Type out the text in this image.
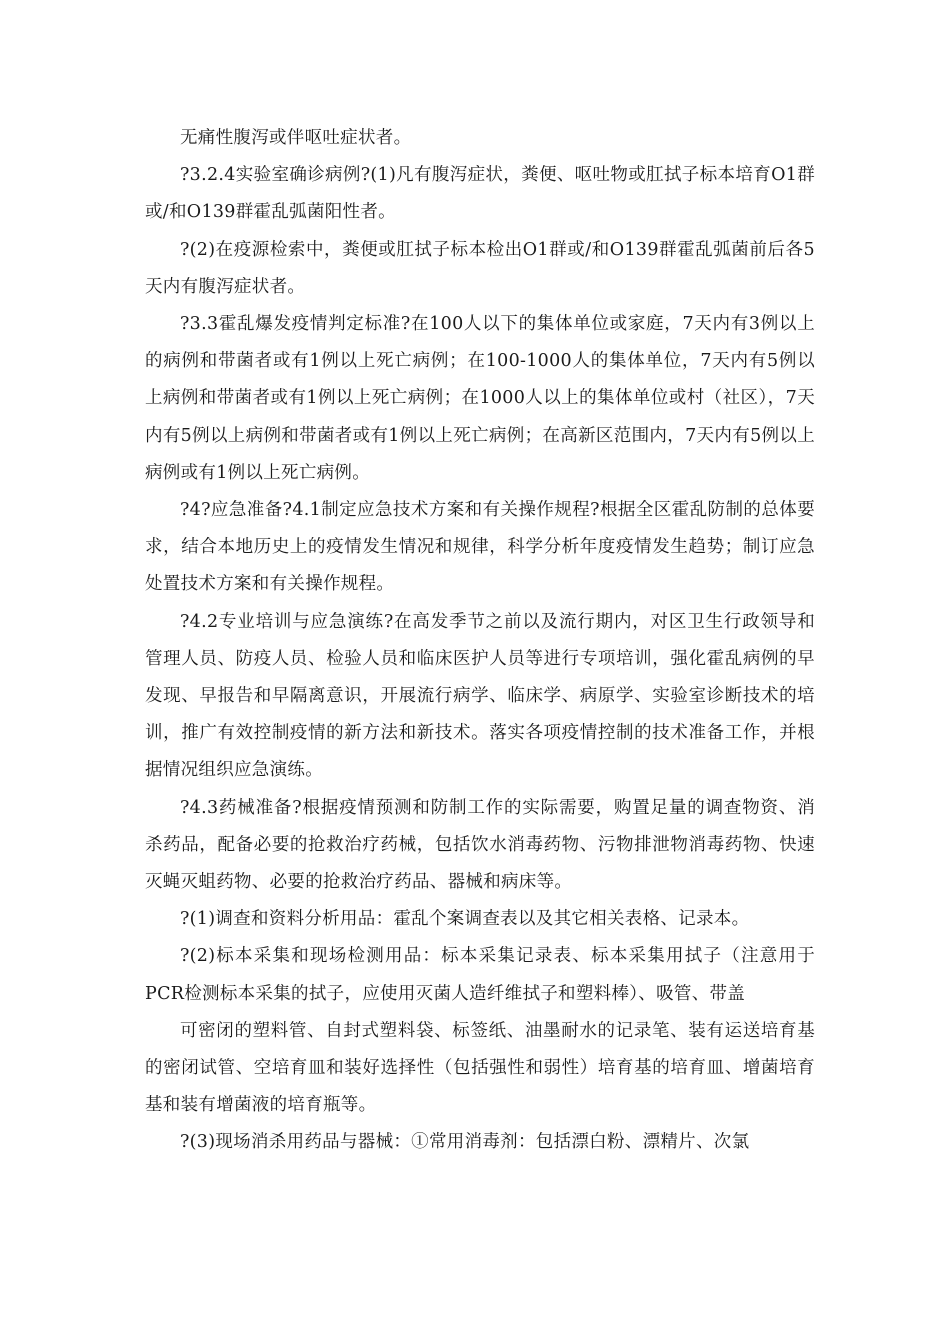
无痛性腹泻或伴呕吐症状者。

?3.2.4实验室确诊病例?(1)凡有腹泻症状，粪便、呕吐物或肛拭子标本培育O1群或/和O139群霍乱弧菌阳性者。

?(2)在疫源检索中，粪便或肛拭子标本检出O1群或/和O139群霍乱弧菌前后各5天内有腹泻症状者。

?3.3霍乱爆发疫情判定标准?在100人以下的集体单位或家庭，7天内有3例以上的病例和带菌者或有1例以上死亡病例；在100-1000人的集体单位，7天内有5例以上病例和带菌者或有1例以上死亡病例；在1000人以上的集体单位或村（社区），7天内有5例以上病例和带菌者或有1例以上死亡病例；在高新区范围内，7天内有5例以上病例或有1例以上死亡病例。

?4?应急准备?4.1制定应急技术方案和有关操作规程?根据全区霍乱防制的总体要求，结合本地历史上的疫情发生情况和规律，科学分析年度疫情发生趋势；制订应急处置技术方案和有关操作规程。

?4.2专业培训与应急演练?在高发季节之前以及流行期内，对区卫生行政领导和管理人员、防疫人员、检验人员和临床医护人员等进行专项培训，强化霍乱病例的早发现、早报告和早隔离意识，开展流行病学、临床学、病原学、实验室诊断技术的培训，推广有效控制疫情的新方法和新技术。落实各项疫情控制的技术准备工作，并根据情况组织应急演练。

?4.3药械准备?根据疫情预测和防制工作的实际需要，购置足量的调查物资、消杀药品，配备必要的抢救治疗药械，包括饮水消毒药物、污物排泄物消毒药物、快速灭蝇灭蛆药物、必要的抢救治疗药品、器械和病床等。

?(1)调查和资料分析用品：霍乱个案调查表以及其它相关表格、记录本。

?(2)标本采集和现场检测用品：标本采集记录表、标本采集用拭子（注意用于PCR检测标本采集的拭子，应使用灭菌人造纤维拭子和塑料棒）、吸管、带盖

可密闭的塑料管、自封式塑料袋、标签纸、油墨耐水的记录笔、装有运送培育基的密闭试管、空培育皿和装好选择性（包括强性和弱性）培育基的培育皿、增菌培育基和装有增菌液的培育瓶等。

?(3)现场消杀用药品与器械：①常用消毒剂：包括漂白粉、漂精片、次氯
